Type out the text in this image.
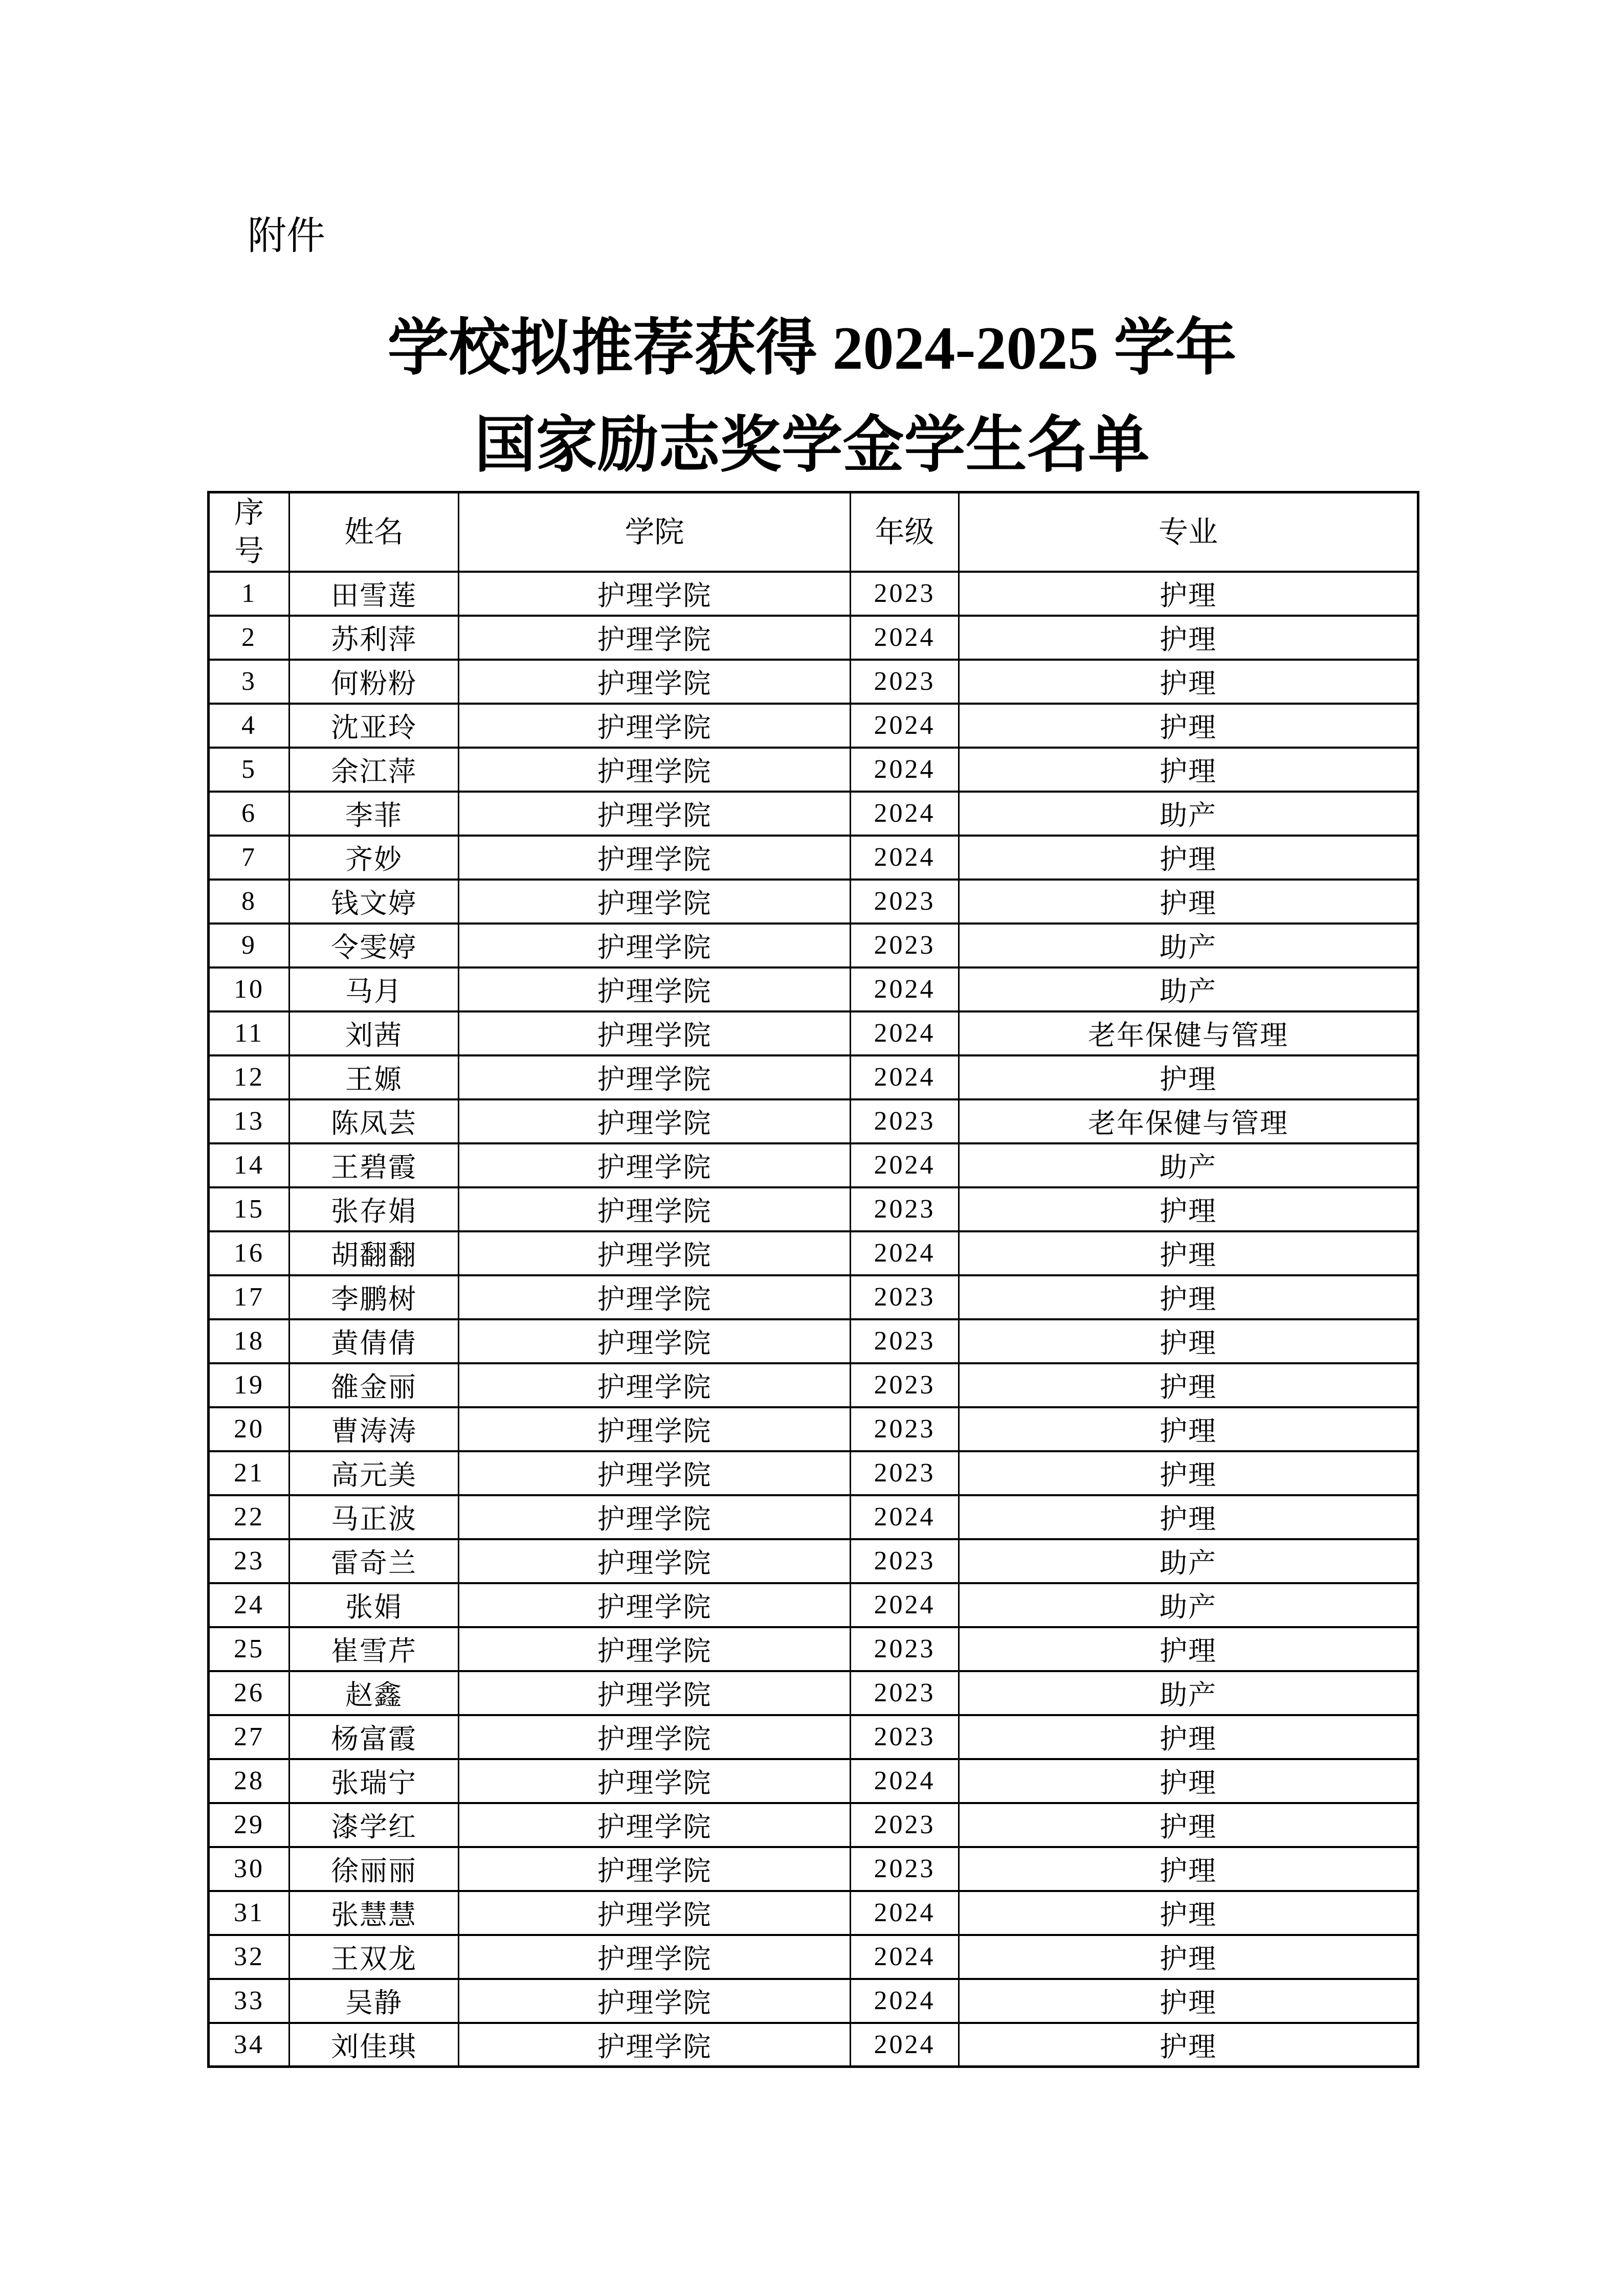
附件
学校拟推荐获得 2024-2025 学年
国家励志奖学金学生名单
序号	姓名	学院	年级	专业
1	田雪莲	护理学院	2023	护理
2	苏利萍	护理学院	2024	护理
3	何粉粉	护理学院	2023	护理
4	沈亚玲	护理学院	2024	护理
5	余江萍	护理学院	2024	护理
6	李菲	护理学院	2024	助产
7	齐妙	护理学院	2024	护理
8	钱文婷	护理学院	2023	护理
9	令雯婷	护理学院	2023	助产
10	马月	护理学院	2024	助产
11	刘茜	护理学院	2024	老年保健与管理
12	王嫄	护理学院	2024	护理
13	陈凤芸	护理学院	2023	老年保健与管理
14	王碧霞	护理学院	2024	助产
15	张存娟	护理学院	2023	护理
16	胡翻翻	护理学院	2024	护理
17	李鹏树	护理学院	2023	护理
18	黄倩倩	护理学院	2023	护理
19	雒金丽	护理学院	2023	护理
20	曹涛涛	护理学院	2023	护理
21	高元美	护理学院	2023	护理
22	马正波	护理学院	2024	护理
23	雷奇兰	护理学院	2023	助产
24	张娟	护理学院	2024	助产
25	崔雪芹	护理学院	2023	护理
26	赵鑫	护理学院	2023	助产
27	杨富霞	护理学院	2023	护理
28	张瑞宁	护理学院	2024	护理
29	漆学红	护理学院	2023	护理
30	徐丽丽	护理学院	2023	护理
31	张慧慧	护理学院	2024	护理
32	王双龙	护理学院	2024	护理
33	吴静	护理学院	2024	护理
34	刘佳琪	护理学院	2024	护理
